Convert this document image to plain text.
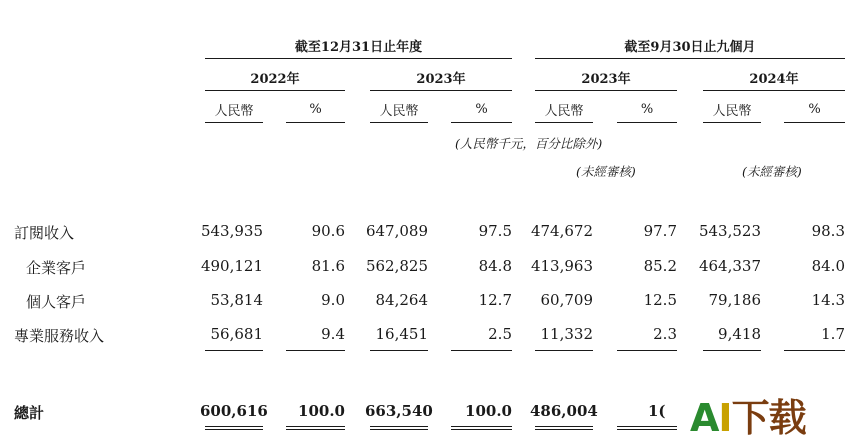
截至12月31日止年度	截至9月30日止九個月
2022年	2023年	2023年	2024年
人民幣	%	人民幣	%	人民幣	%	人民幣	%
(人民幣千元，百分比除外)
(未經審核)	(未經審核)
訂閱收入	543,935	90.6 647,089	97.5 474,672	97.7 543,523	98.3
企業客戶	490,121	81.6 562,825	84.8 413,963	85.2 464,337	84.0
個人客戶	53,814	9.0	84,264	12.7	60,709	12.5	79,186	14.3
專業服務收入	56,681	9.4	16,451	2.5	11,332	2.3	9,418	1.7
總計	600,616	100.0 663,540	100.0 486,004	1( AI下载
